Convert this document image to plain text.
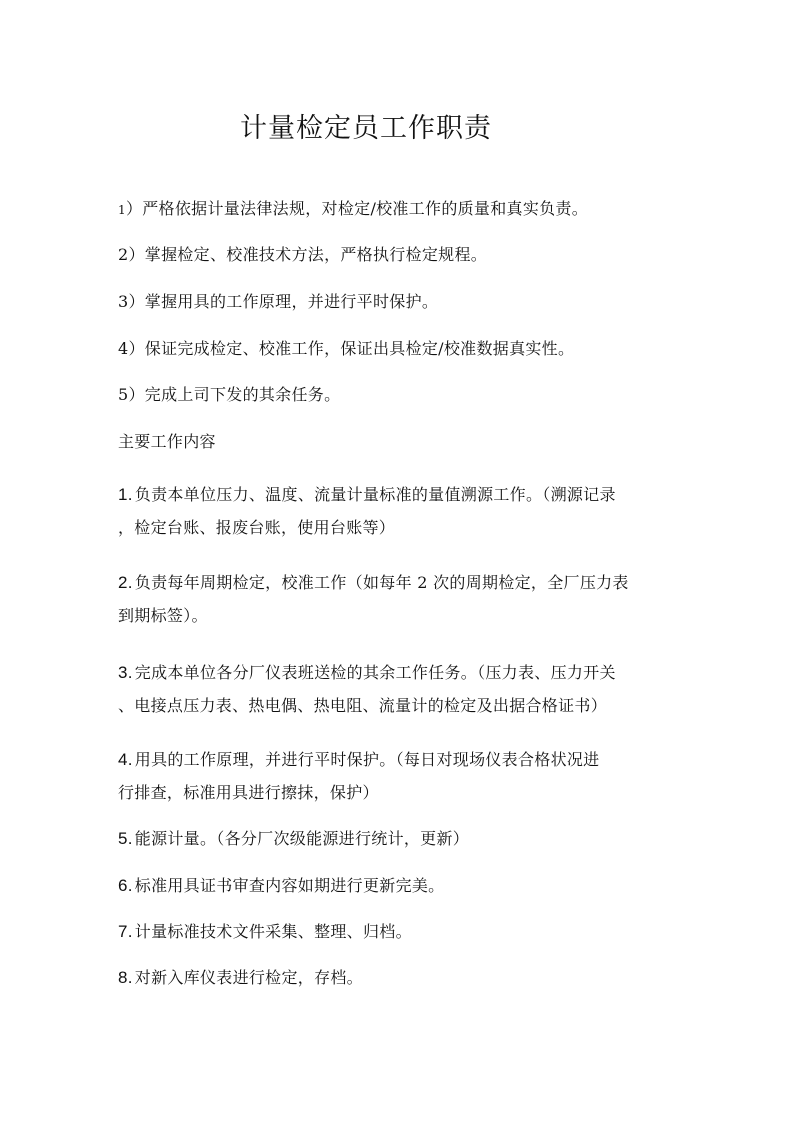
计量检定员工作职责
1）严格依据计量法律法规，对检定/校准工作的质量和真实负责。
2）掌握检定、校准技术方法，严格执行检定规程。
3）掌握用具的工作原理，并进行平时保护。
4）保证完成检定、校准工作，保证出具检定/校准数据真实性。
5）完成上司下发的其余任务。
主要工作内容
1. 负责本单位压力、温度、流量计量标准的量值溯源工作。（溯源记录
，检定台账、报废台账，使用台账等）
2. 负责每年周期检定，校准工作（如每年 2 次的周期检定，全厂压力表
到期标签）。
3. 完成本单位各分厂仪表班送检的其余工作任务。（压力表、压力开关
、电接点压力表、热电偶、热电阻、流量计的检定及出据合格证书）
4. 用具的工作原理，并进行平时保护。（每日对现场仪表合格状况进
行排查，标准用具进行擦抹，保护）
5. 能源计量。（各分厂次级能源进行统计，更新）
6. 标准用具证书审查内容如期进行更新完美。
7. 计量标准技术文件采集、整理、归档。
8. 对新入库仪表进行检定，存档。
